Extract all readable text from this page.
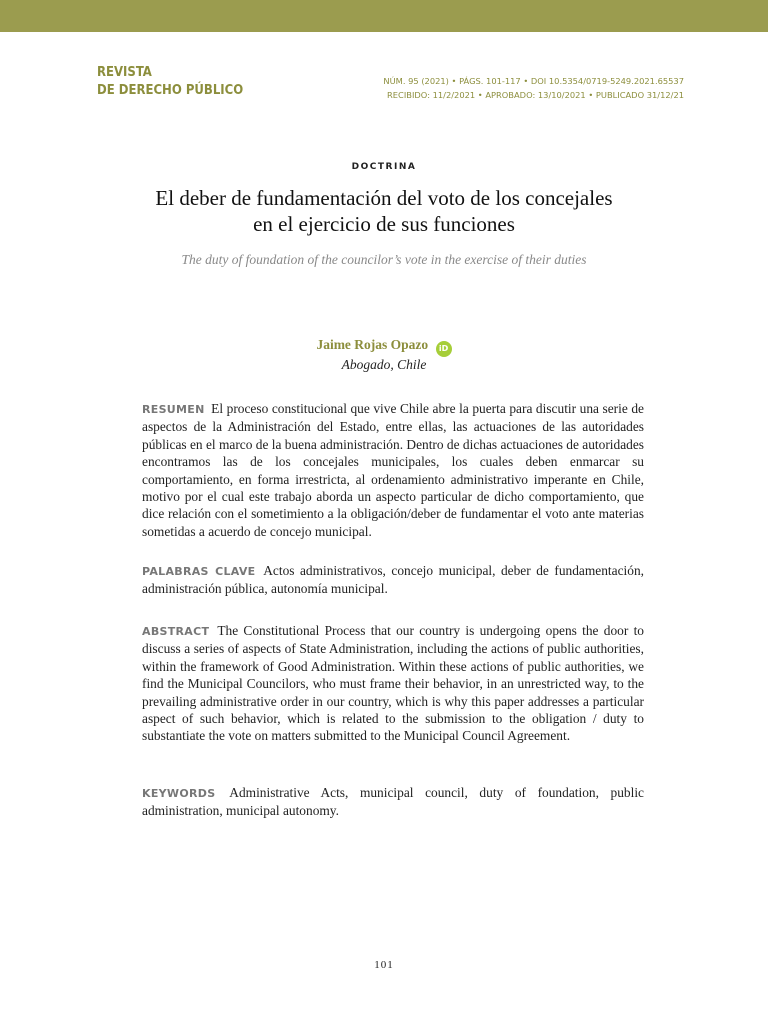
REVISTA
DE DERECHO PÚBLICO
NÚM. 95 (2021) • PÁGS. 101-117 • DOI 10.5354/0719-5249.2021.65537
RECIBIDO: 11/2/2021 • APROBADO: 13/10/2021 • PUBLICADO 31/12/21
DOCTRINA
El deber de fundamentación del voto de los concejales
en el ejercicio de sus funciones
The duty of foundation of the councilor’s vote in the exercise of their duties
Jaime Rojas Opazo iD
Abogado, Chile
RESUMEN El proceso constitucional que vive Chile abre la puerta para discutir una serie de aspectos de la Administración del Estado, entre ellas, las actuaciones de las autoridades públicas en el marco de la buena administración. Dentro de dichas actuaciones de autoridades encontramos las de los concejales municipales, los cuales deben enmarcar su comportamiento, en forma irrestricta, al ordenamiento administrativo imperante en Chile, motivo por el cual este trabajo aborda un aspecto particular de dicho comportamiento, que dice relación con el sometimiento a la obligación/deber de fundamentar el voto ante materias sometidas a acuerdo de concejo municipal.
PALABRAS CLAVE Actos administrativos, concejo municipal, deber de fundamentación, administración pública, autonomía municipal.
ABSTRACT The Constitutional Process that our country is undergoing opens the door to discuss a series of aspects of State Administration, including the actions of public authorities, within the framework of Good Administration. Within these actions of public authorities, we find the Municipal Councilors, who must frame their behavior, in an unrestricted way, to the prevailing administrative order in our country, which is why this paper addresses a particular aspect of such behavior, which is related to the submission to the obligation / duty to substantiate the vote on matters submitted to the Municipal Council Agreement.
KEYWORDS Administrative Acts, municipal council, duty of foundation, public administration, municipal autonomy.
101
